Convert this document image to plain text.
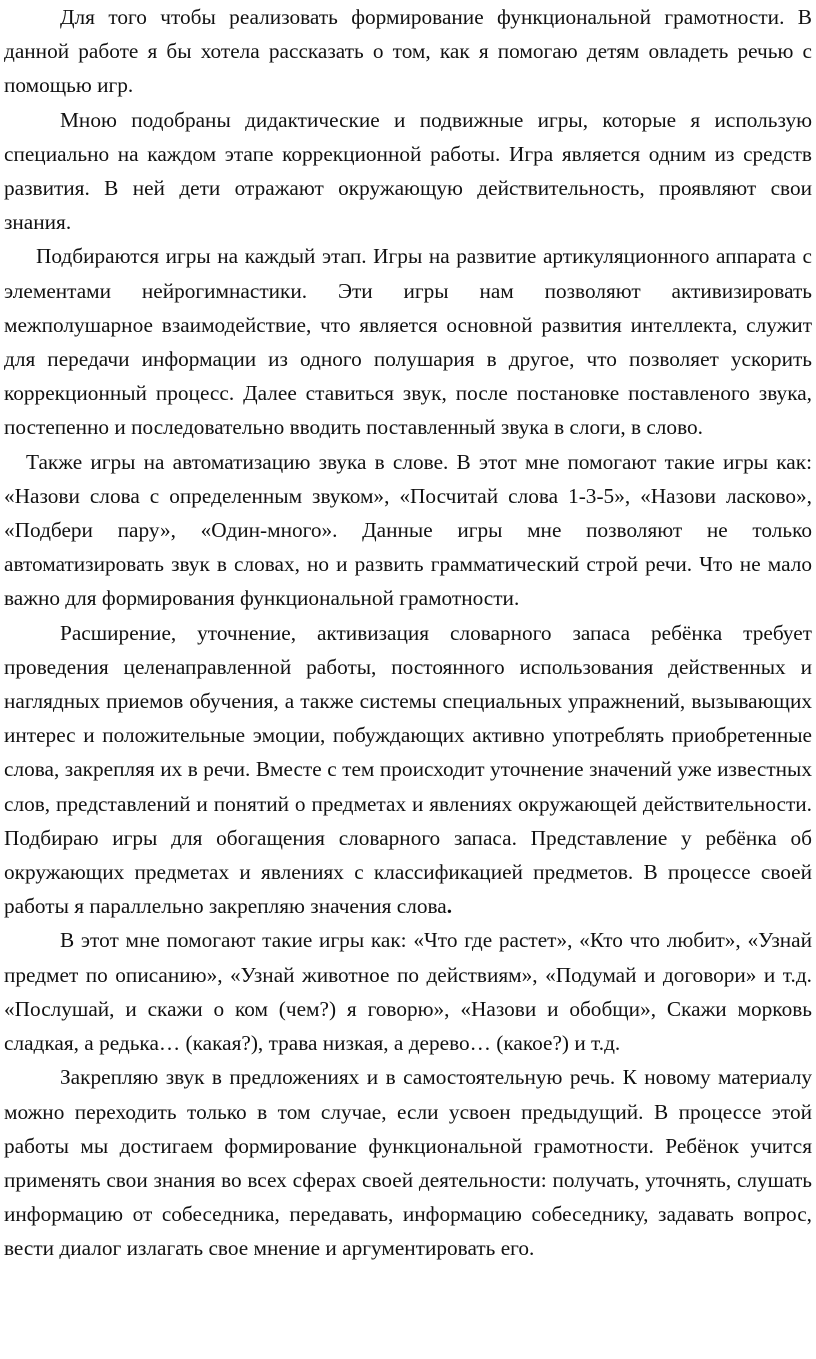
Для того чтобы реализовать формирование функциональной грамотности. В данной работе я бы хотела рассказать о том, как я помогаю детям овладеть речью с помощью игр.

Мною подобраны дидактические и подвижные игры, которые я использую специально на каждом этапе коррекционной работы. Игра является одним из средств развития. В ней дети отражают окружающую действительность, проявляют свои знания.

Подбираются игры на каждый этап. Игры на развитие артикуляционного аппарата с элементами нейрогимнастики. Эти игры нам позволяют активизировать межполушарное взаимодействие, что является основной развития интеллекта, служит для передачи информации из одного полушария в другое, что позволяет ускорить коррекционный процесс. Далее ставиться звук, после постановке поставленого звука, постепенно и последовательно вводить поставленный звука в слоги, в слово.

Также игры на автоматизацию звука в слове. В этот мне помогают такие игры как: «Назови слова с определенным звуком», «Посчитай слова 1-3-5», «Назови ласково», «Подбери пару», «Один-много». Данные игры мне позволяют не только автоматизировать звук в словах, но и развить грамматический строй речи. Что не мало важно для формирования функциональной грамотности.

Расширение, уточнение, активизация словарного запаса ребёнка требует проведения целенаправленной работы, постоянного использования действенных и наглядных приемов обучения, а также системы специальных упражнений, вызывающих интерес и положительные эмоции, побуждающих активно употреблять приобретенные слова, закрепляя их в речи. Вместе с тем происходит уточнение значений уже известных слов, представлений и понятий о предметах и явлениях окружающей действительности. Подбираю игры для обогащения словарного запаса. Представление у ребёнка об окружающих предметах и явлениях с классификацией предметов. В процессе своей работы я параллельно закрепляю значения слова.

В этот мне помогают такие игры как: «Что где растет», «Кто что любит», «Узнай предмет по описанию», «Узнай животное по действиям», «Подумай и договори» и т.д. «Послушай, и скажи о ком (чем?) я говорю», «Назови и обобщи», Скажи морковь сладкая, а редька… (какая?), трава низкая, а дерево… (какое?) и т.д.

Закрепляю звук в предложениях и в самостоятельную речь. К новому материалу можно переходить только в том случае, если усвоен предыдущий. В процессе этой работы мы достигаем формирование функциональной грамотности. Ребёнок учится применять свои знания во всех сферах своей деятельности: получать, уточнять, слушать информацию от собеседника, передавать, информацию собеседнику, задавать вопрос, вести диалог излагать свое мнение и аргументировать его.
